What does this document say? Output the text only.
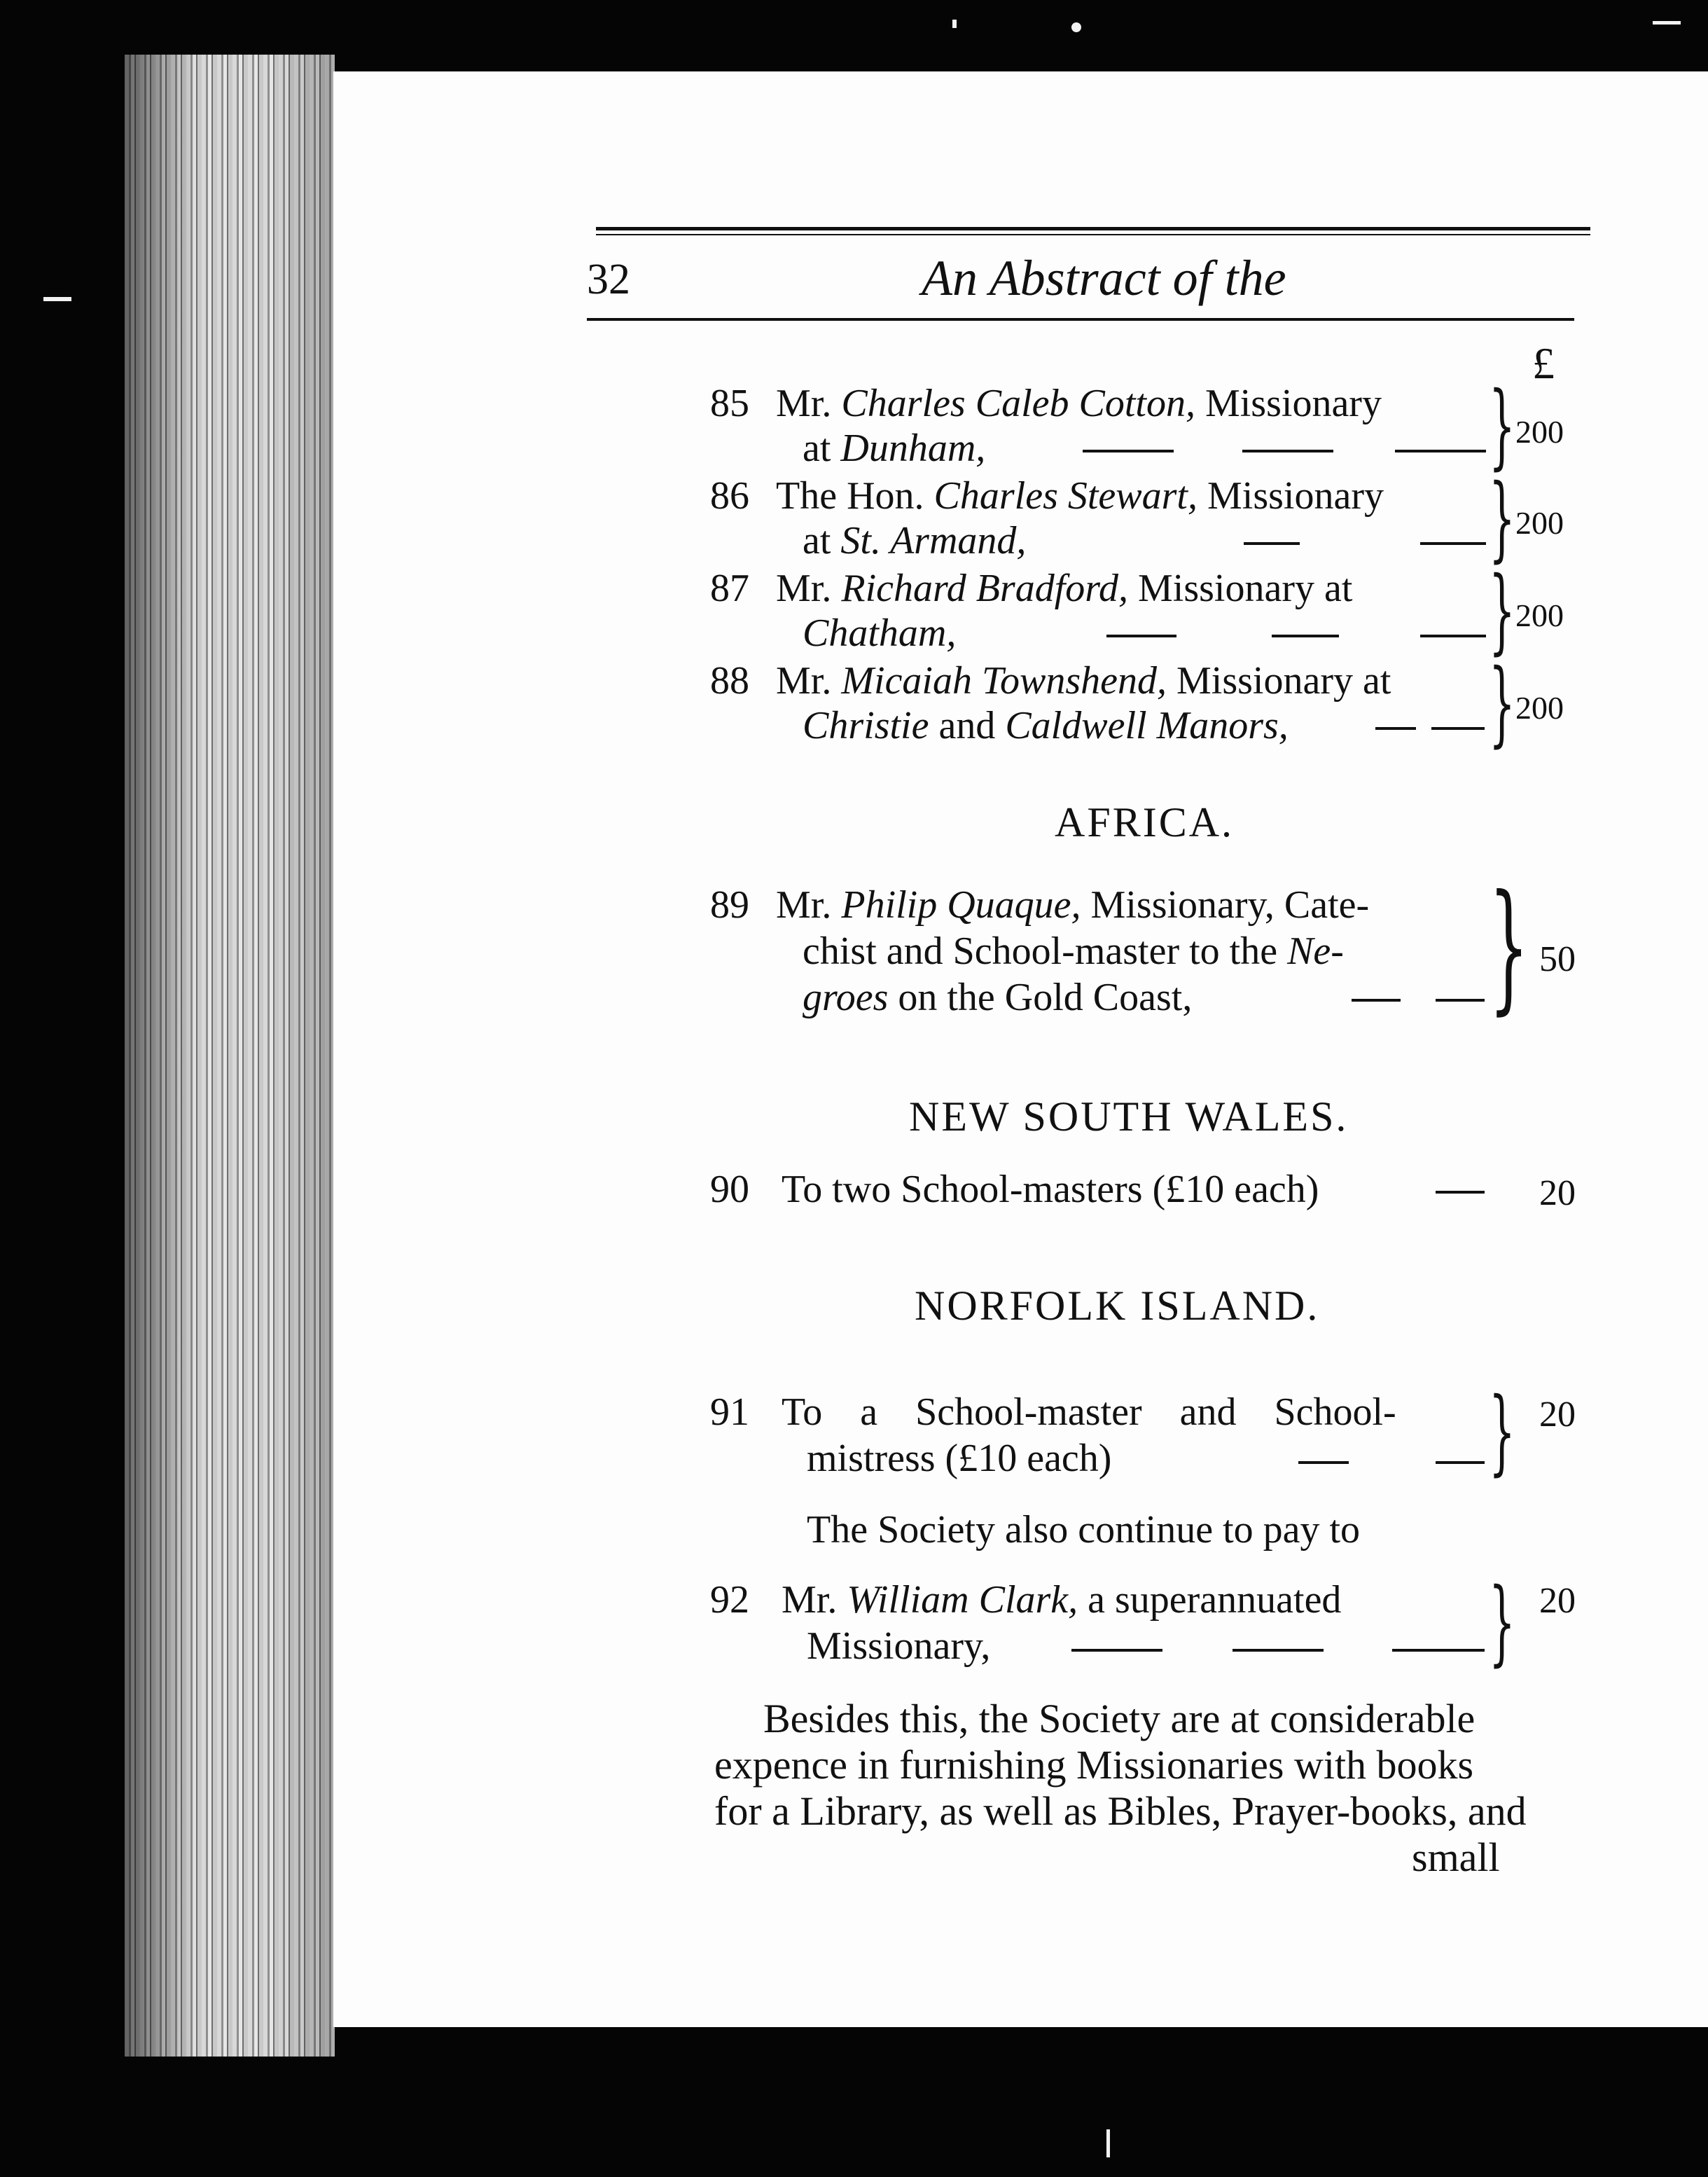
32	An Abstract of the
£
85 Mr. Charles Caleb Cotton, Missionary
at Dunham,	} 200
86 The Hon. Charles Stewart, Missionary
at St. Armand,	} 200
87 Mr. Richard Bradford, Missionary at
Chatham,	} 200
88 Mr. Micaiah Townshend, Missionary at
Christie and Caldwell Manors, } 200
AFRICA.
89 Mr. Philip Quaque, Missionary, Cate-
chist and School-master to the Ne-
groes on the Gold Coast, } 50
NEW SOUTH WALES.
90 To two School-masters (£10 each)	20
NORFOLK ISLAND.
91 To a School-master and School-
mistress (£10 each)	} 20
The Society also continue to pay to
92 Mr. William Clark, a superannuated
Missionary,	} 20
Besides this, the Society are at considerable
expence in furnishing Missionaries with books
for a Library, as well as Bibles, Prayer-books, and
small
